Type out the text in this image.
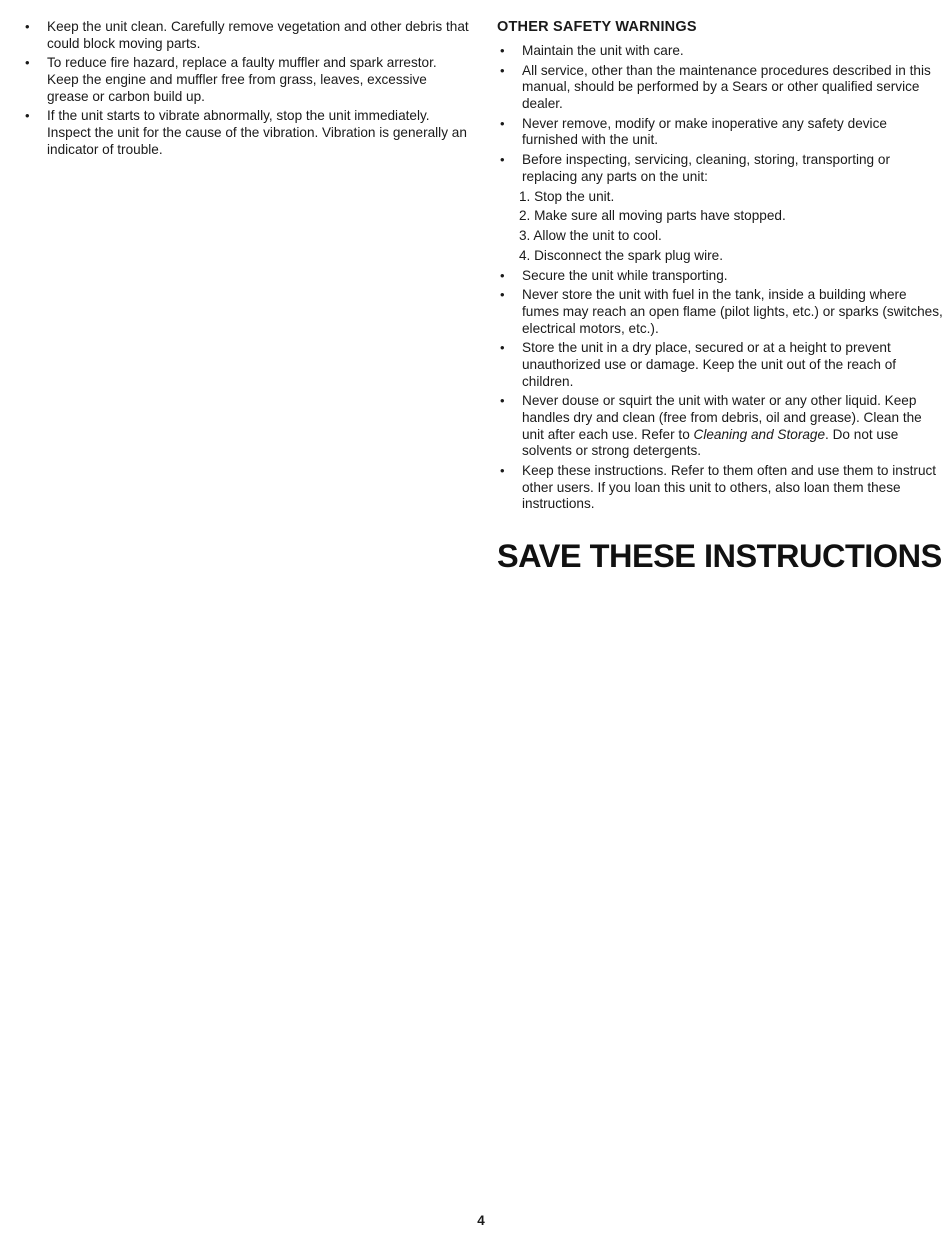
• Keep the unit clean. Carefully remove vegetation and other debris that could block moving parts.
• To reduce fire hazard, replace a faulty muffler and spark arrestor. Keep the engine and muffler free from grass, leaves, excessive grease or carbon build up.
• If the unit starts to vibrate abnormally, stop the unit immediately. Inspect the unit for the cause of the vibration. Vibration is generally an indicator of trouble.
OTHER SAFETY WARNINGS
• Maintain the unit with care.
• All service, other than the maintenance procedures described in this manual, should be performed by a Sears or other qualified service dealer.
• Never remove, modify or make inoperative any safety device furnished with the unit.
• Before inspecting, servicing, cleaning, storing, transporting or replacing any parts on the unit:
1. Stop the unit.
2. Make sure all moving parts have stopped.
3. Allow the unit to cool.
4. Disconnect the spark plug wire.
• Secure the unit while transporting.
• Never store the unit with fuel in the tank, inside a building where fumes may reach an open flame (pilot lights, etc.) or sparks (switches, electrical motors, etc.).
• Store the unit in a dry place, secured or at a height to prevent unauthorized use or damage. Keep the unit out of the reach of children.
• Never douse or squirt the unit with water or any other liquid. Keep handles dry and clean (free from debris, oil and grease). Clean the unit after each use. Refer to Cleaning and Storage. Do not use solvents or strong detergents.
• Keep these instructions. Refer to them often and use them to instruct other users. If you loan this unit to others, also loan them these instructions.
SAVE THESE INSTRUCTIONS
4
